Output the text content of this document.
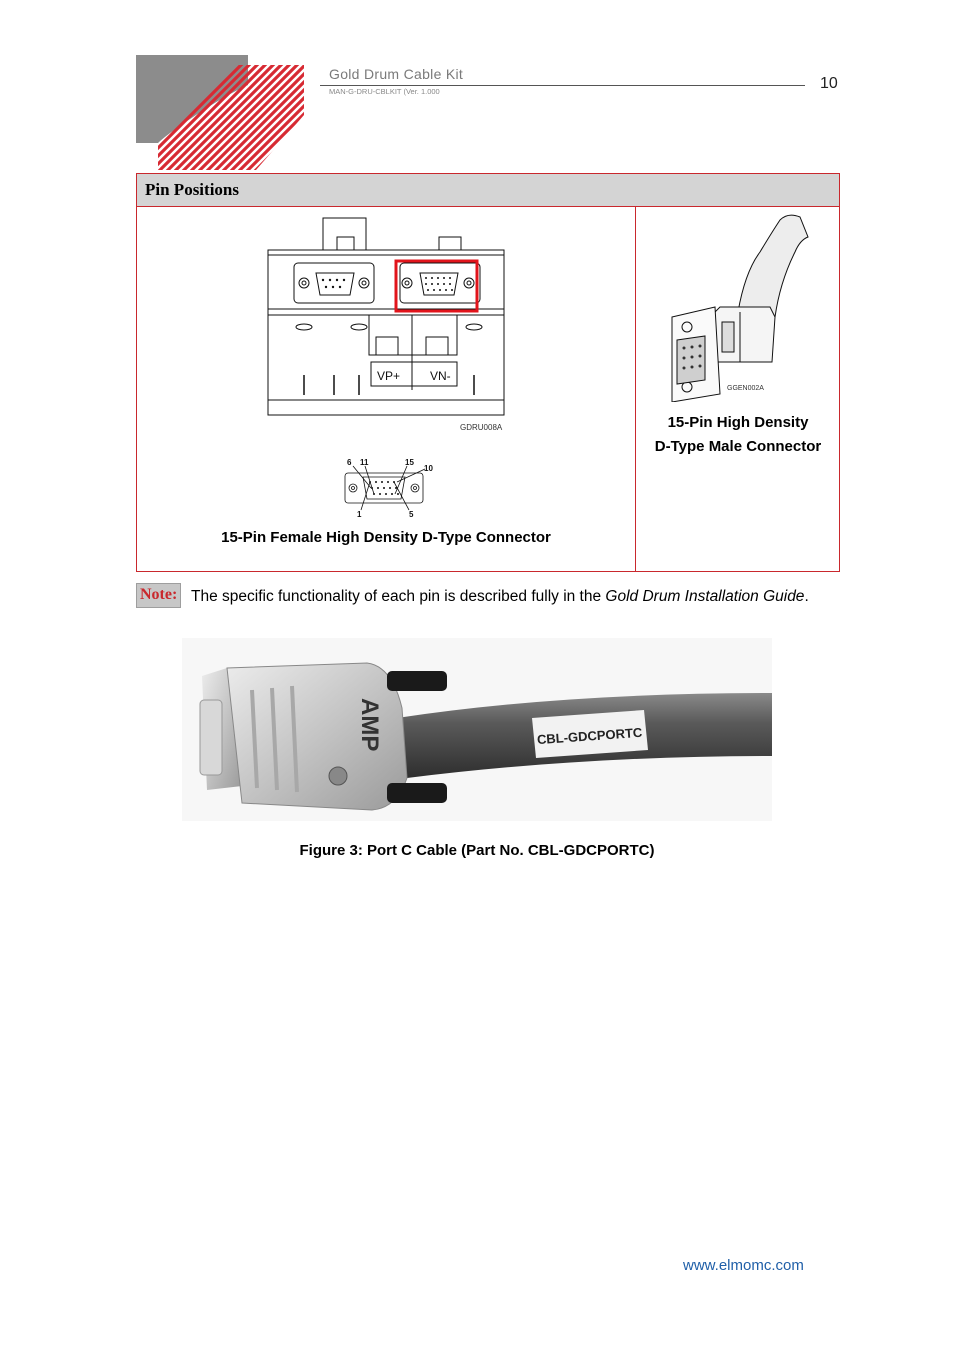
Gold Drum Cable Kit
MAN-G-DRU-CBLKIT (Ver. 1.000	10
Pin Positions
VP+ VN-
GDRU008A
6 11	15
10
1	5
15-Pin Female High Density D-Type Connector
GGEN002A
15-Pin High Density
D-Type Male Connector
The specific functionality of each pin is described fully in the Gold Drum Installation Guide.
Note:
CBL-GDCPORTC
AMP
Figure 3: Port C Cable (Part No. CBL-GDCPORTC)
www.elmomc.com
